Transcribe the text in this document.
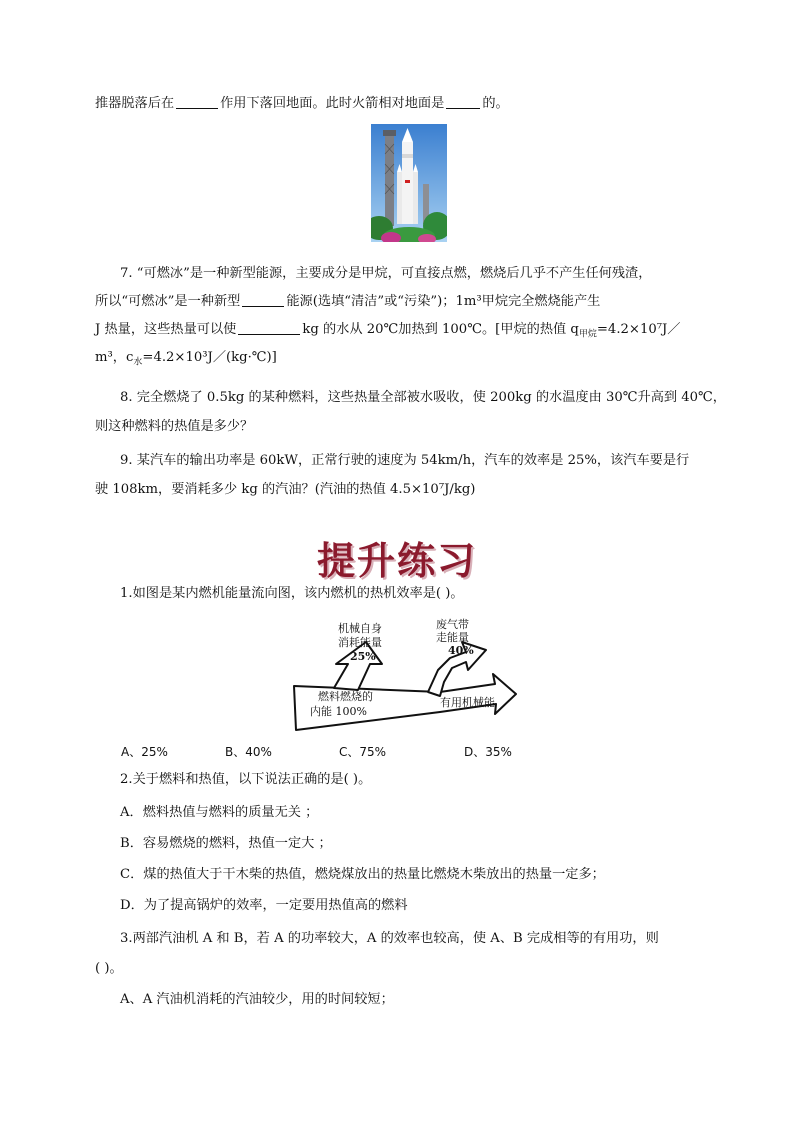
推器脱落后在	作用下落回地面。此时火箭相对地面是	的。
7. “可燃冰”是一种新型能源，主要成分是甲烷，可直接点燃，燃烧后几乎不产生任何残渣，
所以“可燃冰”是一种新型	能源(选填“清洁”或“污染”)；1m³甲烷完全燃烧能产生
J 热量，这些热量可以使	kg 的水从 20℃加热到 100℃。[甲烷的热值 $q_{甲烷}=4.2\times 10^7J/$
m³，$c_水=4.2\times 10^3J/(kg\cdot℃)$]
8. 完全燃烧了 0.5kg 的某种燃料，这些热量全部被水吸收，使 200kg 的水温度由 30℃升高到 40℃，
则这种燃料的热值是多少？
9. 某汽车的输出功率是 60kW，正常行驶的速度为 54km/h，汽车的效率是 25%，该汽车要是行
驶 108km，要消耗多少 kg 的汽油？(汽油的热值 4.5×10⁷J/kg)
提升练习
1.如图是某内燃机能量流向图，该内燃机的热机效率是( )。
机械自身
消耗能量
25%
废气带
走能量
40%
燃料燃烧的
内能 100%
有用机械能
A、25%	B、40%	C、75%	D、35%
2.关于燃料和热值，以下说法正确的是( )。
A．燃料热值与燃料的质量无关 ；
B．容易燃烧的燃料，热值一定大 ；
C．煤的热值大于干木柴的热值，燃烧煤放出的热量比燃烧木柴放出的热量一定多；
D．为了提高锅炉的效率，一定要用热值高的燃料
3.两部汽油机 A 和 B，若 A 的功率较大，A 的效率也较高，使 A、B 完成相等的有用功，则
( )。
A、A 汽油机消耗的汽油较少，用的时间较短；
